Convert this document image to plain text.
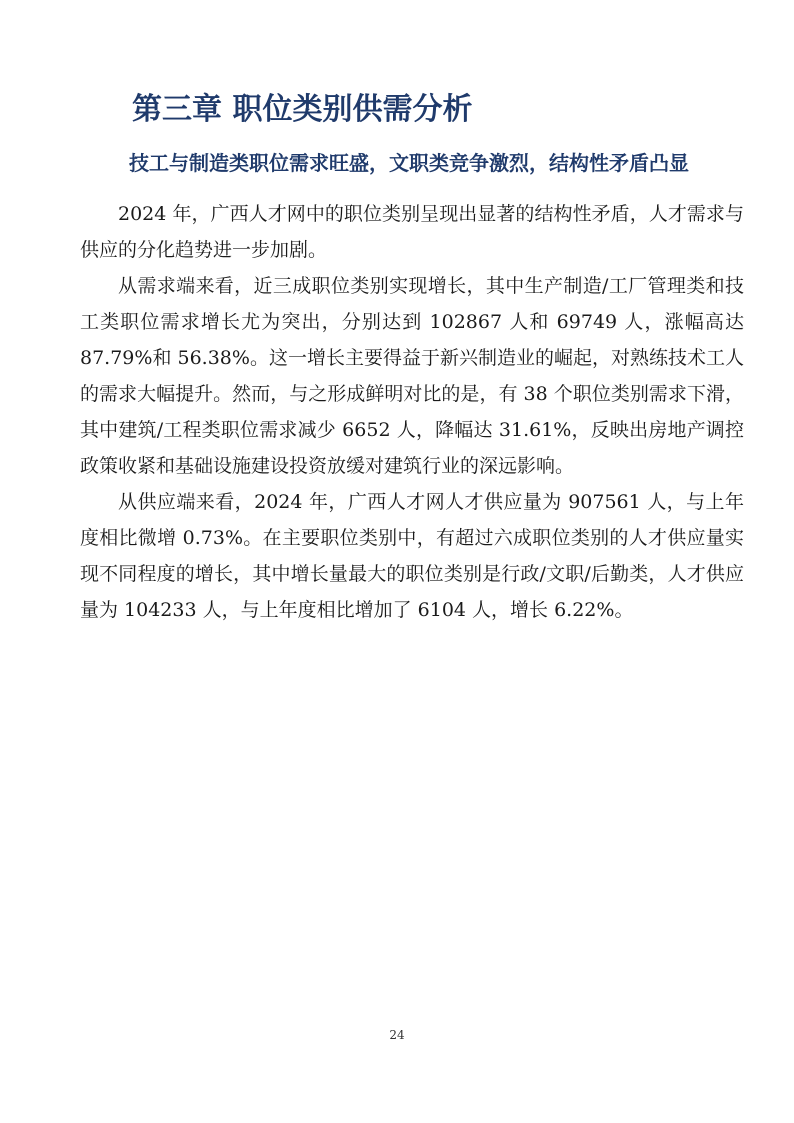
第三章 职位类别供需分析
技工与制造类职位需求旺盛，文职类竞争激烈，结构性矛盾凸显

2024 年，广西人才网中的职位类别呈现出显著的结构性矛盾，人才需求与供应的分化趋势进一步加剧。

从需求端来看，近三成职位类别实现增长，其中生产制造/工厂管理类和技工类职位需求增长尤为突出，分别达到 102867 人和 69749 人，涨幅高达 87.79%和 56.38%。这一增长主要得益于新兴制造业的崛起，对熟练技术工人的需求大幅提升。然而，与之形成鲜明对比的是，有 38 个职位类别需求下滑，其中建筑/工程类职位需求减少 6652 人，降幅达 31.61%，反映出房地产调控政策收紧和基础设施建设投资放缓对建筑行业的深远影响。

从供应端来看，2024 年，广西人才网人才供应量为 907561 人，与上年度相比微增 0.73%。在主要职位类别中，有超过六成职位类别的人才供应量实现不同程度的增长，其中增长量最大的职位类别是行政/文职/后勤类，人才供应量为 104233 人，与上年度相比增加了 6104 人，增长 6.22%。

24
